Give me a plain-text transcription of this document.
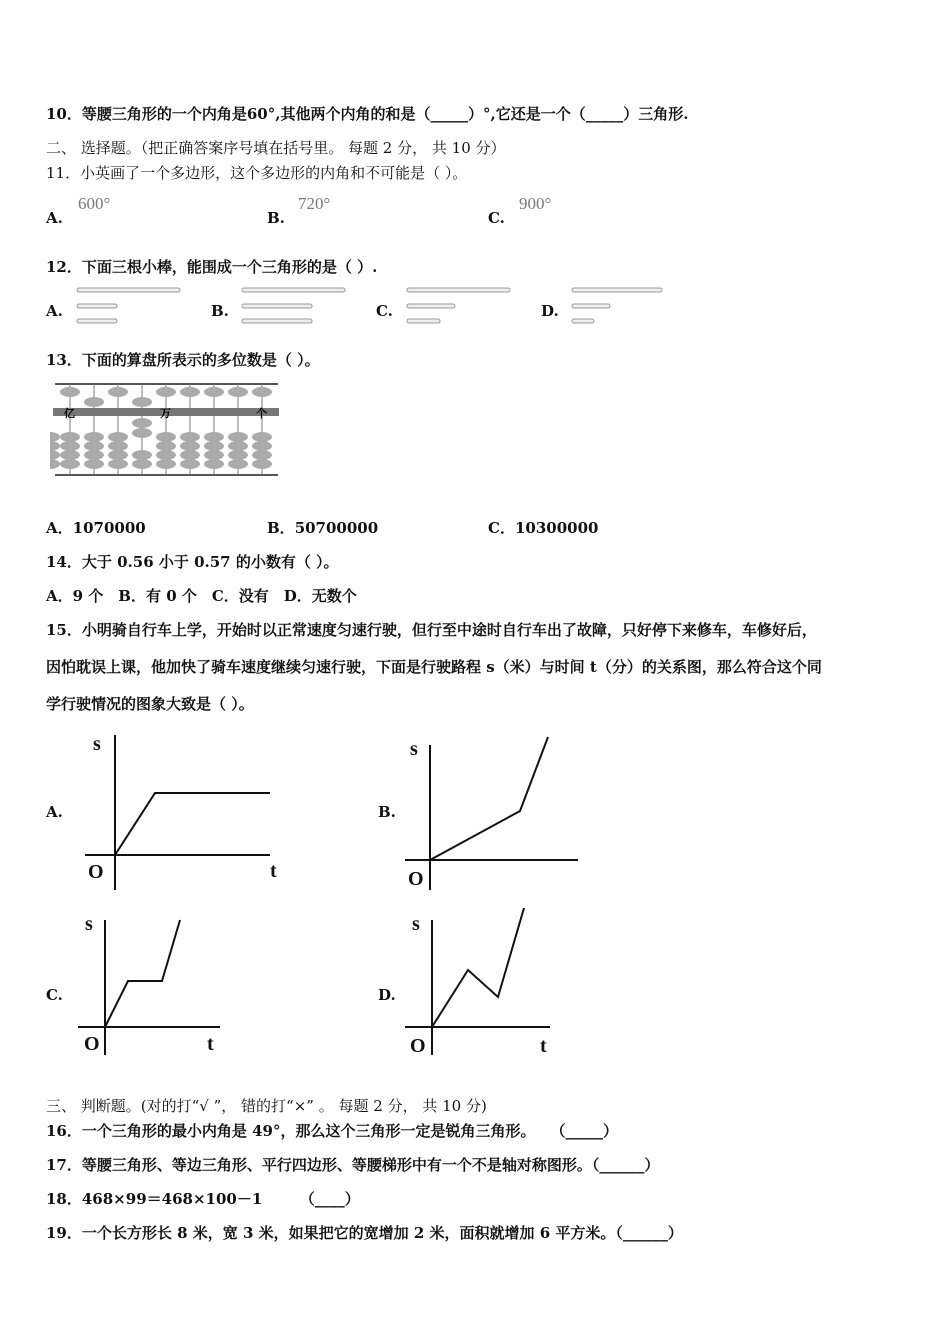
10．等腰三角形的一个内角是60°,其他两个内角的和是（_____）°,它还是一个（_____）三角形.
二、 选择题。（把正确答案序号填在括号里。 每题 2 分， 共 10 分）
11．小英画了一个多边形，这个多边形的内角和不可能是（ ）。
A.
600°
B.
720°
C.
900°
12．下面三根小棒，能围成一个三角形的是（ ）.
A.	B.	C.	D.
13．下面的算盘所表示的多位数是（ ）。
亿	万	个
A．1070000	B．50700000	C．10300000
14．大于 0.56 小于 0.57 的小数有（ ）。
A．9 个　B．有 0 个　C．没有　D．无数个
15．小明骑自行车上学，开始时以正常速度匀速行驶，但行至中途时自行车出了故障，只好停下来修车，车修好后，
因怕耽误上课，他加快了骑车速度继续匀速行驶，下面是行驶路程 s（米）与时间 t（分）的关系图，那么符合这个同
学行驶情况的图象大致是（ ）。
A.	B.
C.	D.
s
t
O
s
O
s
t
O
s
t
O
三、 判断题。(对的打“√ ”， 错的打“×” 。 每题 2 分， 共 10 分)
16．一个三角形的最小内角是 49°，那么这个三角形一定是锐角三角形。　　（_____）
17．等腰三角形、等边三角形、平行四边形、等腰梯形中有一个不是轴对称图形。（______）
18．468×99＝468×100－1　　　（____）
19．一个长方形长 8 米，宽 3 米，如果把它的宽增加 2 米，面积就增加 6 平方米。（______）
